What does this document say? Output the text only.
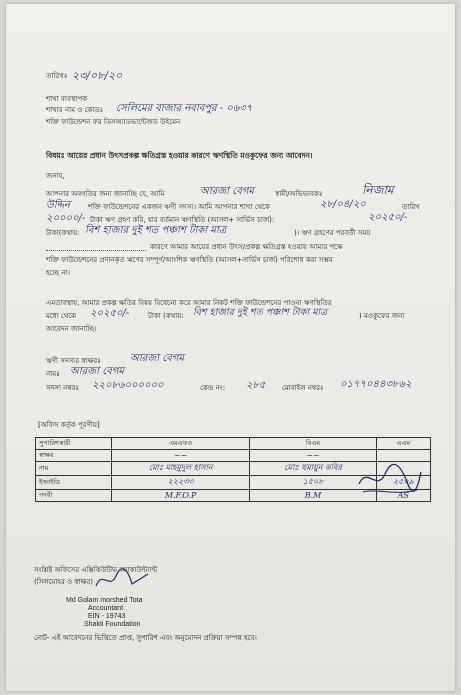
তারিখঃ ২৩/০৮/২০
শাখা ব্যবস্থাপক
শাখার নাম ও কোডঃ সেলিমের বাজার নবাবপুর - ০৬৩৭
শক্তি ফাউন্ডেশন ফর ডিসঅ্যাডভান্টেজড উইমেন
বিষয়ঃ আয়ের প্রধান উৎসপ্রকল্প ক্ষতিগ্রস্ত হওয়ার কারণে ঋণস্থিতি মওকুফের জন্য আবেদন।
জনাব,
আপনার অবগতির জন্য জানাচ্ছি যে, আমি	আরজা বেগম	স্বামী/অভিভাবকঃ	নিজাম
উদ্দিন	শক্তি ফাউন্ডেশনের একজন ঋণী সদস্য। আমি আপনার শাখা থেকে	২৮/০৪/২০	তারিখ
২০০০০/- টাকা ঋণ গ্রহণ করি, যার বর্তমান ঋণস্থিতি (আসল+ সার্ভিস চার্জ):	২০২৫০/-
টাকা(কথায়: বিশ হাজার দুই শত পঞ্চাশ টাকা মাত্র	)। ঋণ গ্রহণের পরবর্তী সময়
কারণে আমার আয়ের প্রধান উৎস/প্রকল্প ক্ষতিগ্রস্ত হওয়ায় আমার পক্ষে
শক্তি ফাউন্ডেশনের প্রদানকৃত ঋণের সম্পূর্ণ/আংশিক ঋণস্থিতি (আসল+সার্ভিস চার্জ) পরিশোধ করা সম্ভব
হচ্ছে না।
এমতাবস্থায়, আমার প্রকল্প ক্ষতির বিষয় বিবেচনা করে আমার নিকট শক্তি ফাউন্ডেশনের পাওনা ঋণস্থিতির
মধ্যে থেকে ২০২৫০/-	টাকা (কথায়: বিশ হাজার দুই শত পঞ্চাশ টাকা মাত্র	) মওকুফের জন্য
আবেদন জানাচ্ছি।
ঋণী সদস্যর স্বাক্ষরঃ	আরজা বেগম
নামঃ আরজা বেগম
সদস্য নম্বরঃ ২২০৮৬০০০০০০	কেন্দ্র নং: ২৮৫ মোবাইল নম্বরঃ ০১৭৭০৪৪৩৮৬২
[অফিস কর্তৃক পূরণীয়]
সুপারিশকারী	এমএফও	বিএম	এএম
স্বাক্ষর	~~	~~	
নাম	মোঃ মাহমুদুল হাসান	মোঃ হুমায়ুন কবির	
ইআইডি	২২২৩৩	১৫০৮	২৫০৯
পদবী	M.F.O.P	B.M	AS
সংশ্লিষ্ট অফিসের এক্সিকিউটিভ অ্যাকাউন্ট্যান্ট
(সিলমোহর ও স্বাক্ষর)
Md Golam morshed Tota
Accountant
EIN - 19743
Shakti Foundation
নোট- এই আবেদনের ভিত্তিতে প্রাপ্ত, সুপারিশ এবং অনুমোদন প্রক্রিয়া সম্পন্ন হবে।
